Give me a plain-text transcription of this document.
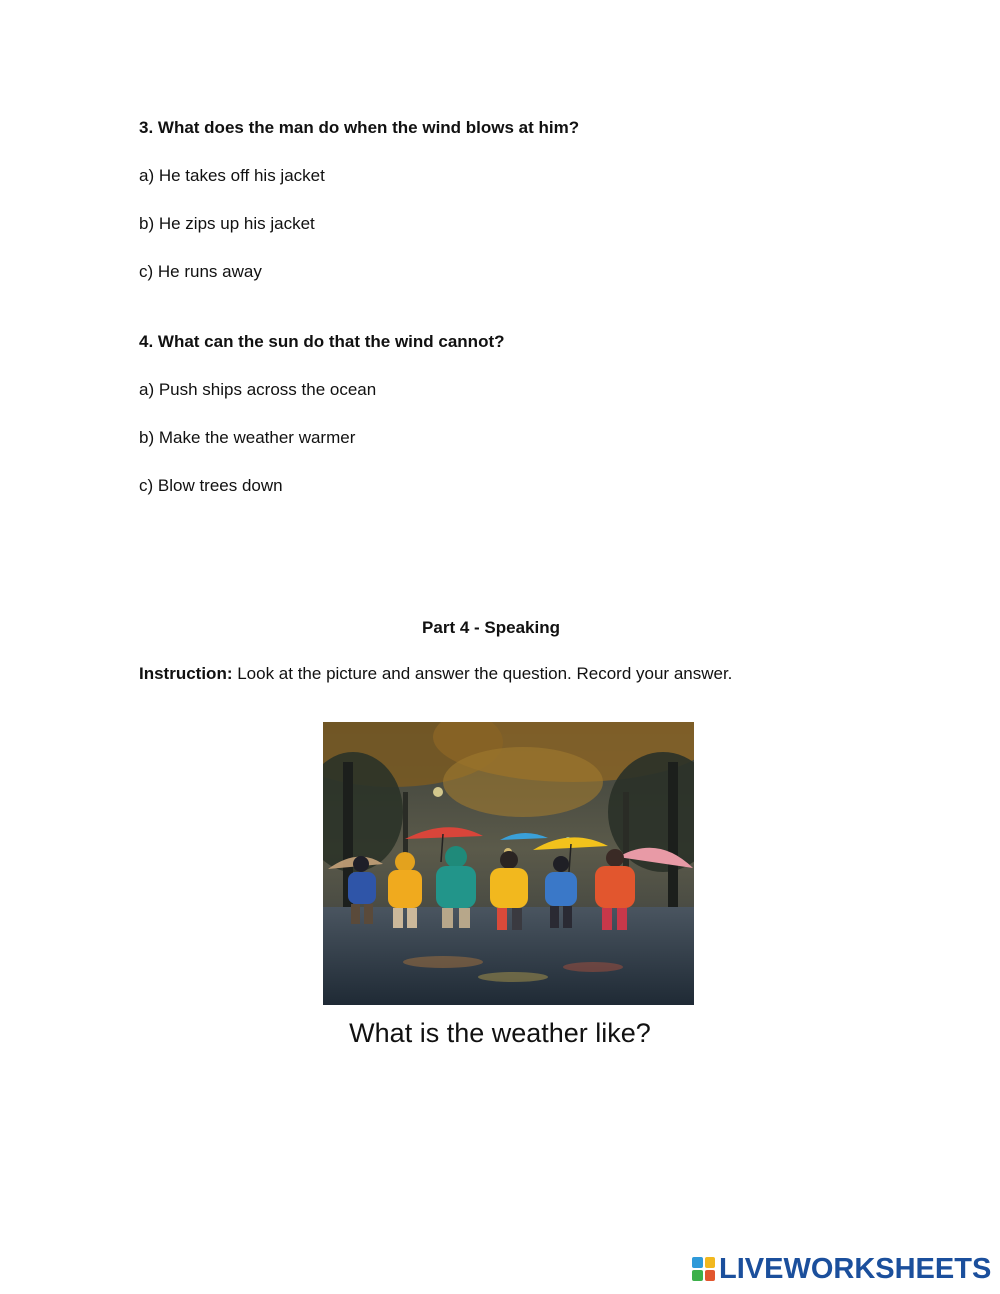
3. What does the man do when the wind blows at him?
a) He takes off his jacket
b) He zips up his jacket
c) He runs away
4. What can the sun do that the wind cannot?
a) Push ships across the ocean
b) Make the weather warmer
c) Blow trees down
Part 4 - Speaking
Instruction: Look at the picture and answer the question. Record your answer.
What is the weather like?
LIVEWORKSHEETS
